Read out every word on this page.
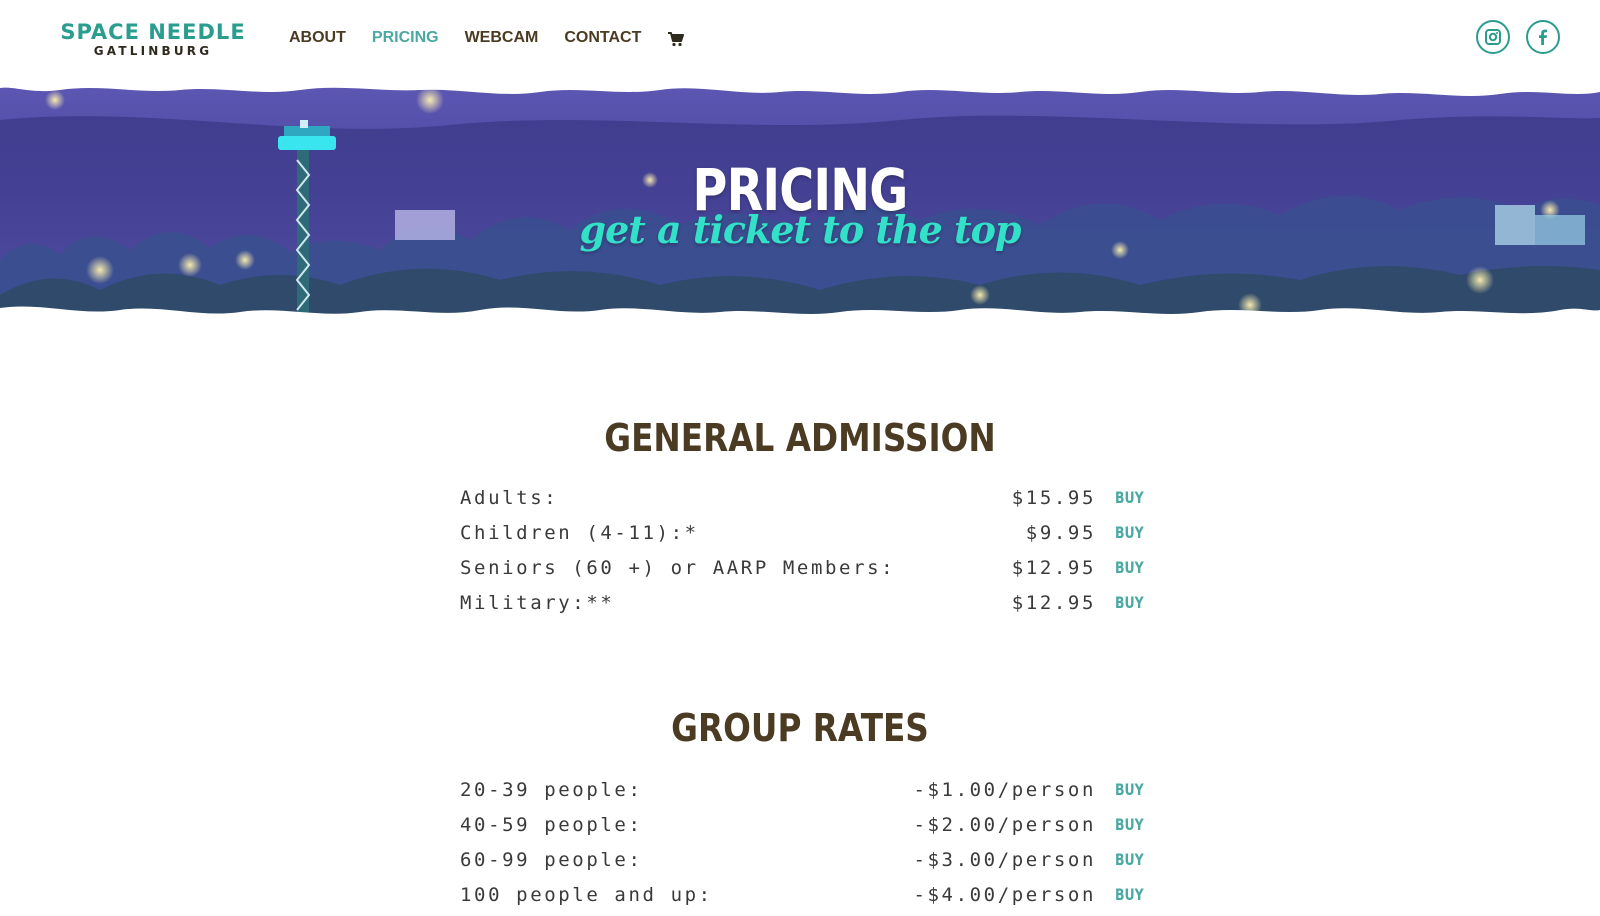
SPACE NEEDLE
GATLINBURG
ABOUT PRICING WEBCAM CONTACT
PRICING
get a ticket to the top
GENERAL ADMISSION
Adults:	$15.95 BUY
Children (4-11):*	$9.95 BUY
Seniors (60 +) or AARP Members:	$12.95 BUY
Military:**	$12.95 BUY
GROUP RATES
20-39 people:	-$1.00/person BUY
40-59 people:	-$2.00/person BUY
60-99 people:	-$3.00/person BUY
100 people and up:	-$4.00/person BUY
